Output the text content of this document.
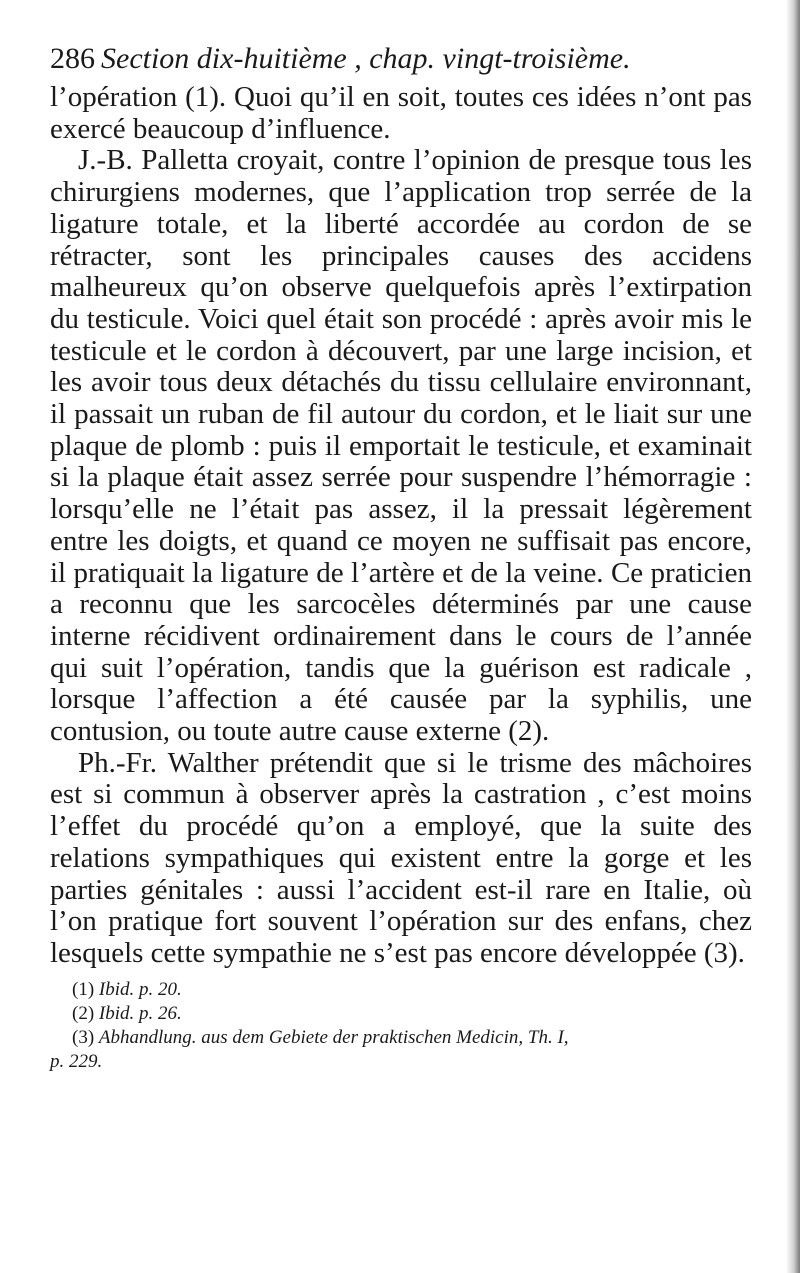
286 Section dix-huitième , chap. vingt-troisième.

l’opération (1). Quoi qu’il en soit, toutes ces idées n’ont pas exercé beaucoup d’influence.

J.-B. Palletta croyait, contre l’opinion de presque tous les chirurgiens modernes, que l’application trop serrée de la ligature totale, et la liberté accordée au cordon de se rétracter, sont les principales causes des accidens malheureux qu’on observe quelquefois après l’extirpation du testicule. Voici quel était son procédé : après avoir mis le testicule et le cordon à découvert, par une large incision, et les avoir tous deux détachés du tissu cellulaire environnant, il passait un ruban de fil autour du cordon, et le liait sur une plaque de plomb : puis il emportait le testicule, et examinait si la plaque était assez serrée pour suspendre l’hémorragie : lorsqu’elle ne l’était pas assez, il la pressait légèrement entre les doigts, et quand ce moyen ne suffisait pas encore, il pratiquait la ligature de l’artère et de la veine. Ce praticien a reconnu que les sarcocèles déterminés par une cause interne récidivent ordinairement dans le cours de l’année qui suit l’opération, tandis que la guérison est radicale , lorsque l’affection a été causée par la syphilis, une contusion, ou toute autre cause externe (2).

Ph.-Fr. Walther prétendit que si le trisme des mâchoires est si commun à observer après la castration , c’est moins l’effet du procédé qu’on a employé, que la suite des relations sympathiques qui existent entre la gorge et les parties génitales : aussi l’accident est-il rare en Italie, où l’on pratique fort souvent l’opération sur des enfans, chez lesquels cette sympathie ne s’est pas encore développée (3).

(1) Ibid. p. 20.

(2) Ibid. p. 26.

(3) Abhandlung. aus dem Gebiete der praktischen Medicin, Th. I,

p. 229.
